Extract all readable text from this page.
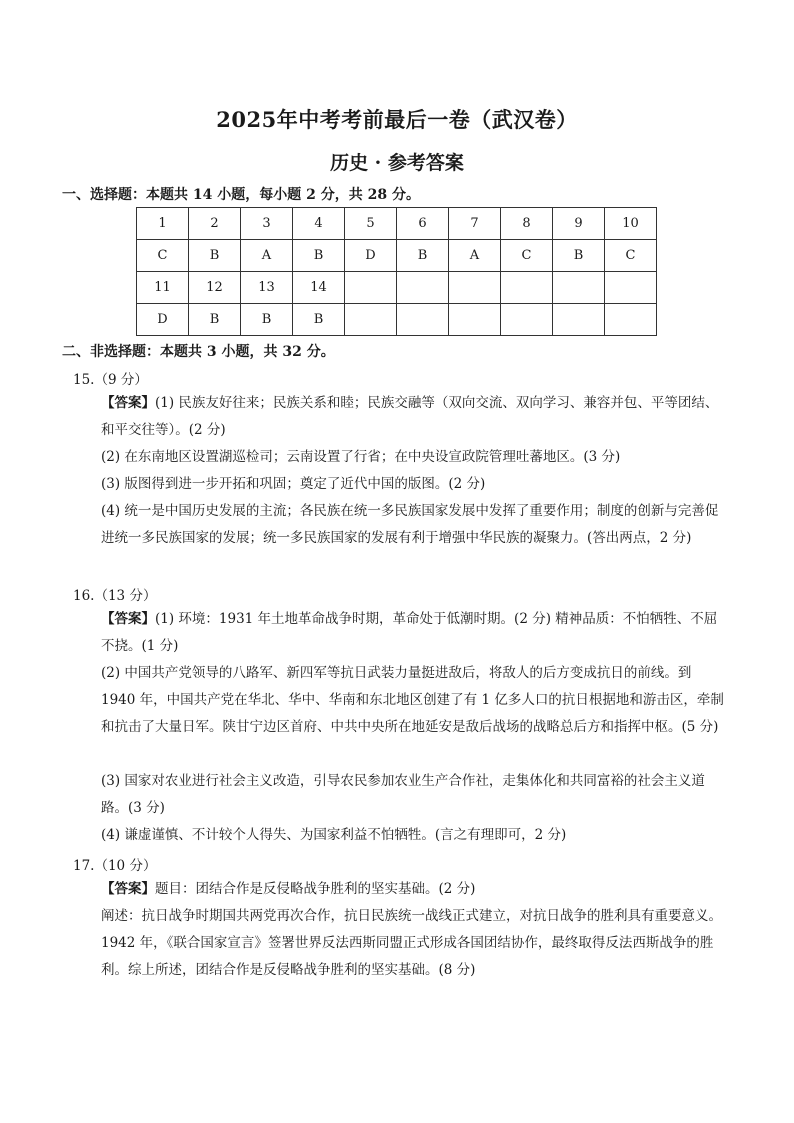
2025年中考考前最后一卷（武汉卷）
历史 · 参考答案
一、选择题：本题共 14 小题，每小题 2 分，共 28 分。
1	2	3	4	5	6	7	8	9	10
C	B	A	B	D	B	A	C	B	C
11	12	13	14						
D	B	B	B						
二、非选择题：本题共 3 小题，共 32 分。
15.（9 分）
【答案】(1) 民族友好往来；民族关系和睦；民族交融等（双向交流、双向学习、兼容并包、平等团结、和平交往等）。(2 分)
(2) 在东南地区设置湖巡检司；云南设置了行省；在中央设宣政院管理吐蕃地区。(3 分)
(3) 版图得到进一步开拓和巩固；奠定了近代中国的版图。(2 分)
(4) 统一是中国历史发展的主流；各民族在统一多民族国家发展中发挥了重要作用；制度的创新与完善促进统一多民族国家的发展；统一多民族国家的发展有利于增强中华民族的凝聚力。(答出两点，2 分)
16.（13 分）
【答案】(1) 环境：1931 年土地革命战争时期，革命处于低潮时期。(2 分) 精神品质：不怕牺牲、不屈不挠。(1 分)
(2) 中国共产党领导的八路军、新四军等抗日武装力量挺进敌后，将敌人的后方变成抗日的前线。到 1940 年，中国共产党在华北、华中、华南和东北地区创建了有 1 亿多人口的抗日根据地和游击区，牵制和抗击了大量日军。陕甘宁边区首府、中共中央所在地延安是敌后战场的战略总后方和指挥中枢。(5 分)
(3) 国家对农业进行社会主义改造，引导农民参加农业生产合作社，走集体化和共同富裕的社会主义道路。(3 分)
(4) 谦虚谨慎、不计较个人得失、为国家利益不怕牺牲。(言之有理即可，2 分)
17.（10 分）
【答案】题目：团结合作是反侵略战争胜利的坚实基础。(2 分)
阐述：抗日战争时期国共两党再次合作，抗日民族统一战线正式建立，对抗日战争的胜利具有重要意义。1942 年，《联合国家宣言》签署世界反法西斯同盟正式形成各国团结协作，最终取得反法西斯战争的胜利。综上所述，团结合作是反侵略战争胜利的坚实基础。(8 分)
